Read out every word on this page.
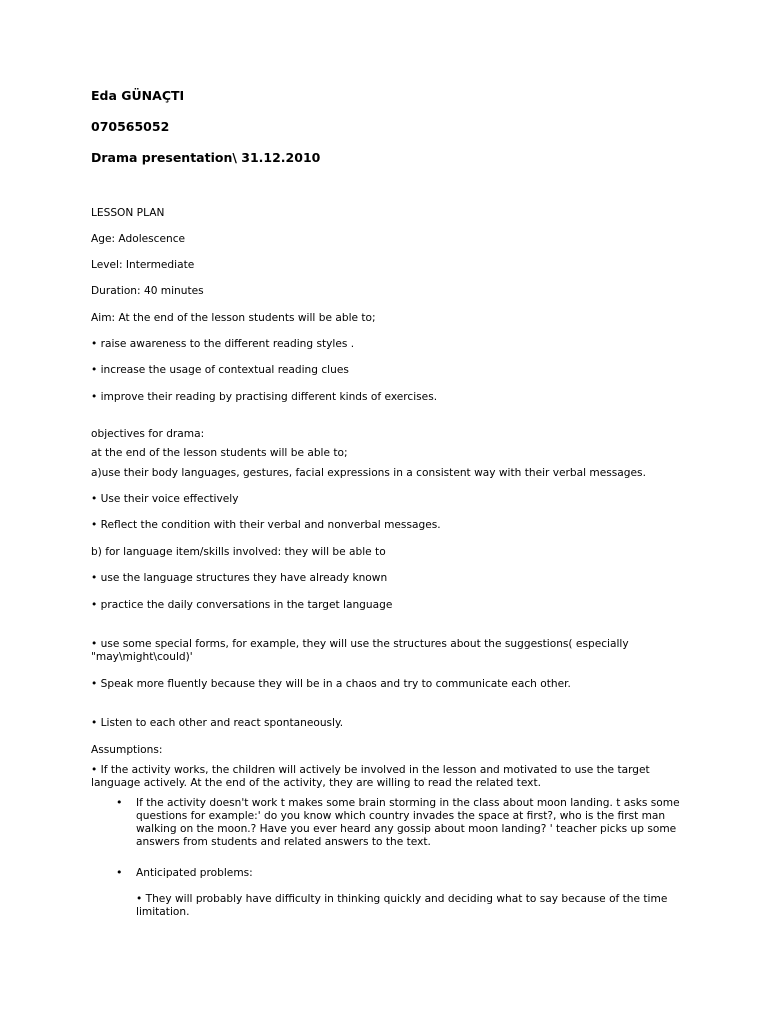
Eda GÜNAÇTI
070565052
Drama presentation\ 31.12.2010
LESSON PLAN
Age: Adolescence
Level: Intermediate
Duration: 40 minutes
Aim: At the end of the lesson students will be able to;
• raise awareness to the different reading styles .
• increase the usage of contextual reading clues
• improve their reading by practising different kinds of exercises.
objectives for drama:
at the end of the lesson students will be able to;
a)use their body languages, gestures, facial expressions in a consistent way with their verbal messages.
• Use their voice effectively
• Reflect the condition with their verbal and nonverbal messages.
b) for language item/skills involved: they will be able to
• use the language structures they have already known
• practice the daily conversations in the target language
• use some special forms, for example, they will use the structures about the suggestions( especially
"may\might\could)'
• Speak more fluently because they will be in a chaos and try to communicate each other.
• Listen to each other and react spontaneously.
Assumptions:
• If the activity works, the children will actively be involved in the lesson and motivated to use the target
language actively. At the end of the activity, they are willing to read the related text.
• If the activity doesn't work t makes some brain storming in the class about moon landing. t asks some
questions for example:' do you know which country invades the space at first?, who is the first man
walking on the moon.? Have you ever heard any gossip about moon landing? ' teacher picks up some
answers from students and related answers to the text.
• Anticipated problems:
• They will probably have difficulty in thinking quickly and deciding what to say because of the time
limitation.
